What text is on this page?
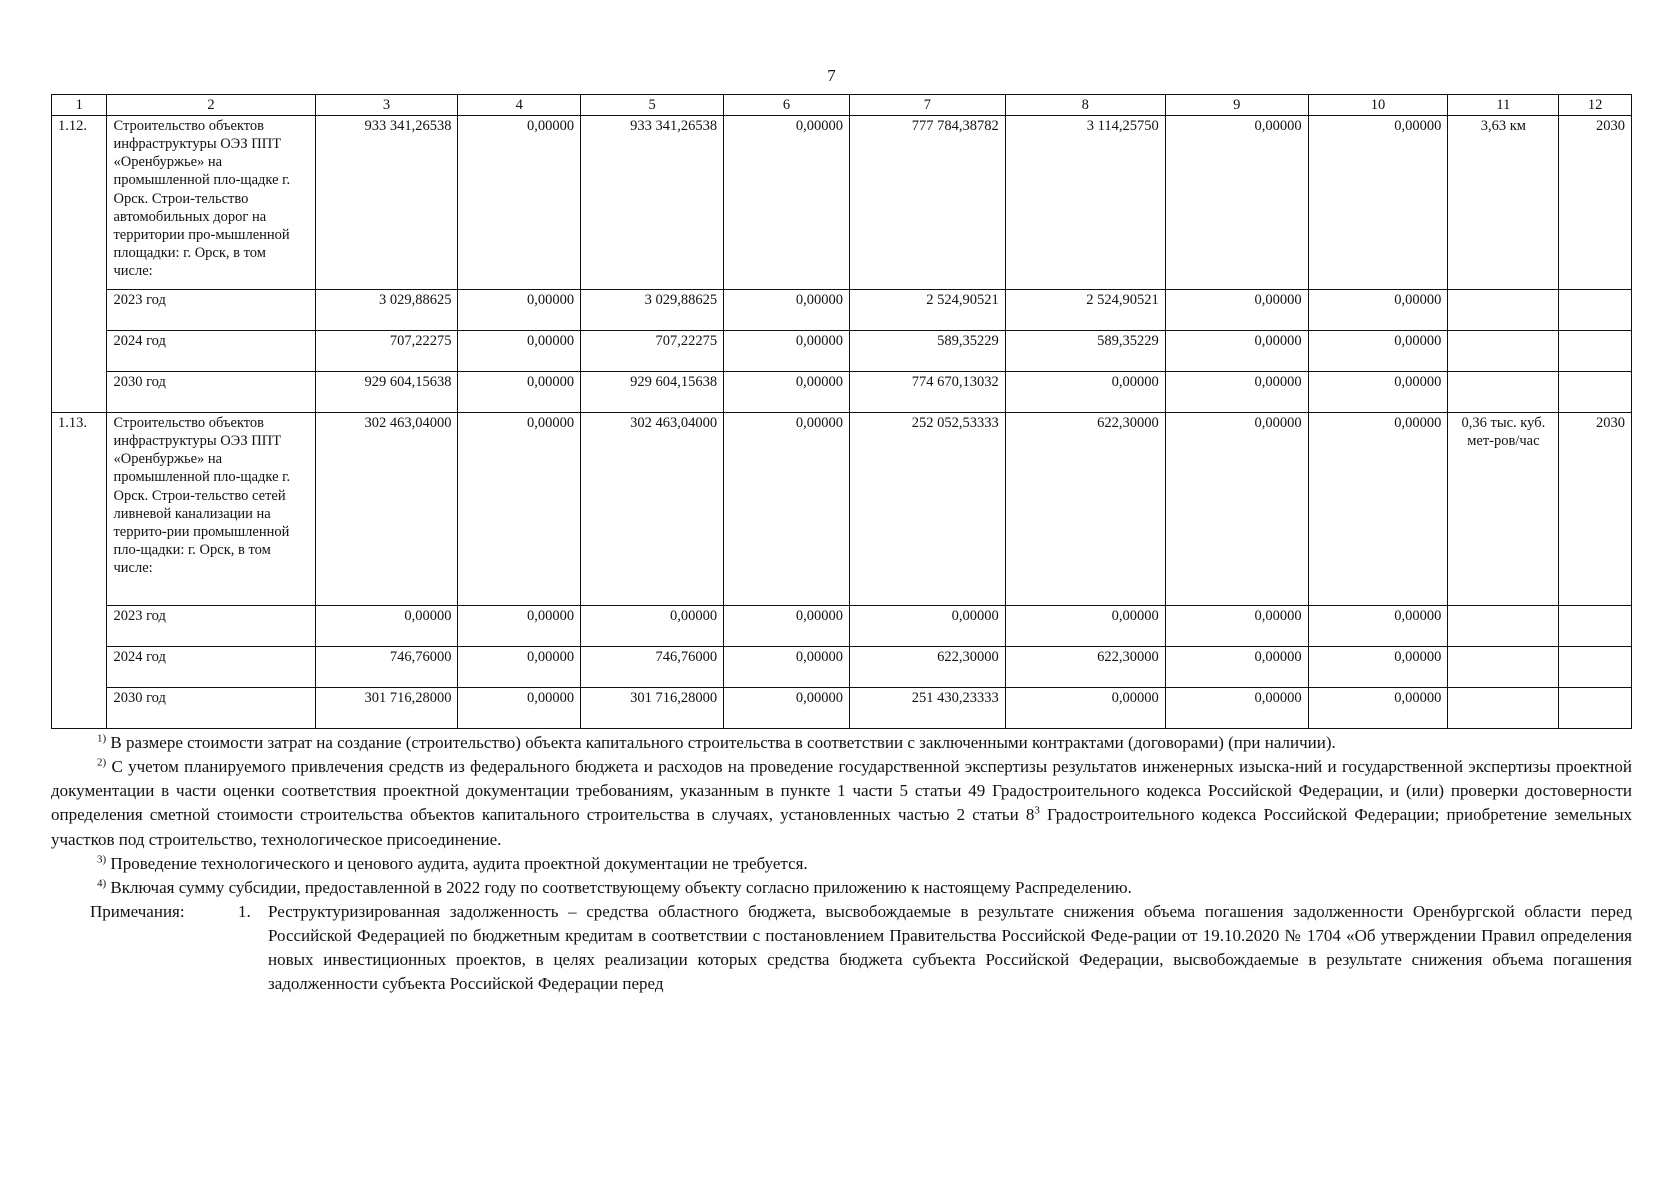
7
1	2	3	4	5	6	7	8	9	10	11	12
1.12.	Строительство объектов инфраструктуры ОЭЗ ППТ «Оренбуржье» на промышленной пло-щадке г. Орск. Строи-тельство автомобильных дорог на территории про-мышленной площадки: г. Орск, в том числе:	933 341,26538	0,00000	933 341,26538	0,00000	777 784,38782	3 114,25750	0,00000	0,00000	3,63 км	2030
	2023 год	3 029,88625	0,00000	3 029,88625	0,00000	2 524,90521	2 524,90521	0,00000	0,00000		
	2024 год	707,22275	0,00000	707,22275	0,00000	589,35229	589,35229	0,00000	0,00000		
	2030 год	929 604,15638	0,00000	929 604,15638	0,00000	774 670,13032	0,00000	0,00000	0,00000		
1.13.	Строительство объектов инфраструктуры ОЭЗ ППТ «Оренбуржье» на промышленной пло-щадке г. Орск. Строи-тельство сетей ливневой канализации на террито-рии промышленной пло-щадки: г. Орск, в том числе:	302 463,04000	0,00000	302 463,04000	0,00000	252 052,53333	622,30000	0,00000	0,00000	0,36 тыс. куб. мет-ров/час	2030
	2023 год	0,00000	0,00000	0,00000	0,00000	0,00000	0,00000	0,00000	0,00000		
	2024 год	746,76000	0,00000	746,76000	0,00000	622,30000	622,30000	0,00000	0,00000		
	2030 год	301 716,28000	0,00000	301 716,28000	0,00000	251 430,23333	0,00000	0,00000	0,00000		

$^{1)}$ В размере стоимости затрат на создание (строительство) объекта капитального строительства в соответствии с заключенными контрактами (договорами) (при наличии).

$^{2)}$ С учетом планируемого привлечения средств из федерального бюджета и расходов на проведение государственной экспертизы результатов инженерных изыска-ний и государственной экспертизы проектной документации в части оценки соответствия проектной документации требованиям, указанным в пункте 1 части 5 статьи 49 Градостроительного кодекса Российской Федерации, и (или) проверки достоверности определения сметной стоимости строительства объектов капитального строительства в случаях, установленных частью 2 статьи $8^3$ Градостроительного кодекса Российской Федерации; приобретение земельных участков под строительство, технологическое присоединение.

$^{3)}$ Проведение технологического и ценового аудита, аудита проектной документации не требуется.

$^{4)}$ Включая сумму субсидии, предоставленной в 2022 году по соответствующему объекту согласно приложению к настоящему Распределению.

Примечания:	1.	Реструктуризированная задолженность – средства областного бюджета, высвобождаемые в результате снижения объема погашения задолженности Оренбургской области перед Российской Федерацией по бюджетным кредитам в соответствии с постановлением Правительства Российской Феде-рации от 19.10.2020 № 1704 «Об утверждении Правил определения новых инвестиционных проектов, в целях реализации которых средства бюджета субъекта Российской Федерации, высвобождаемые в результате снижения объема погашения задолженности субъекта Российской Федерации перед
